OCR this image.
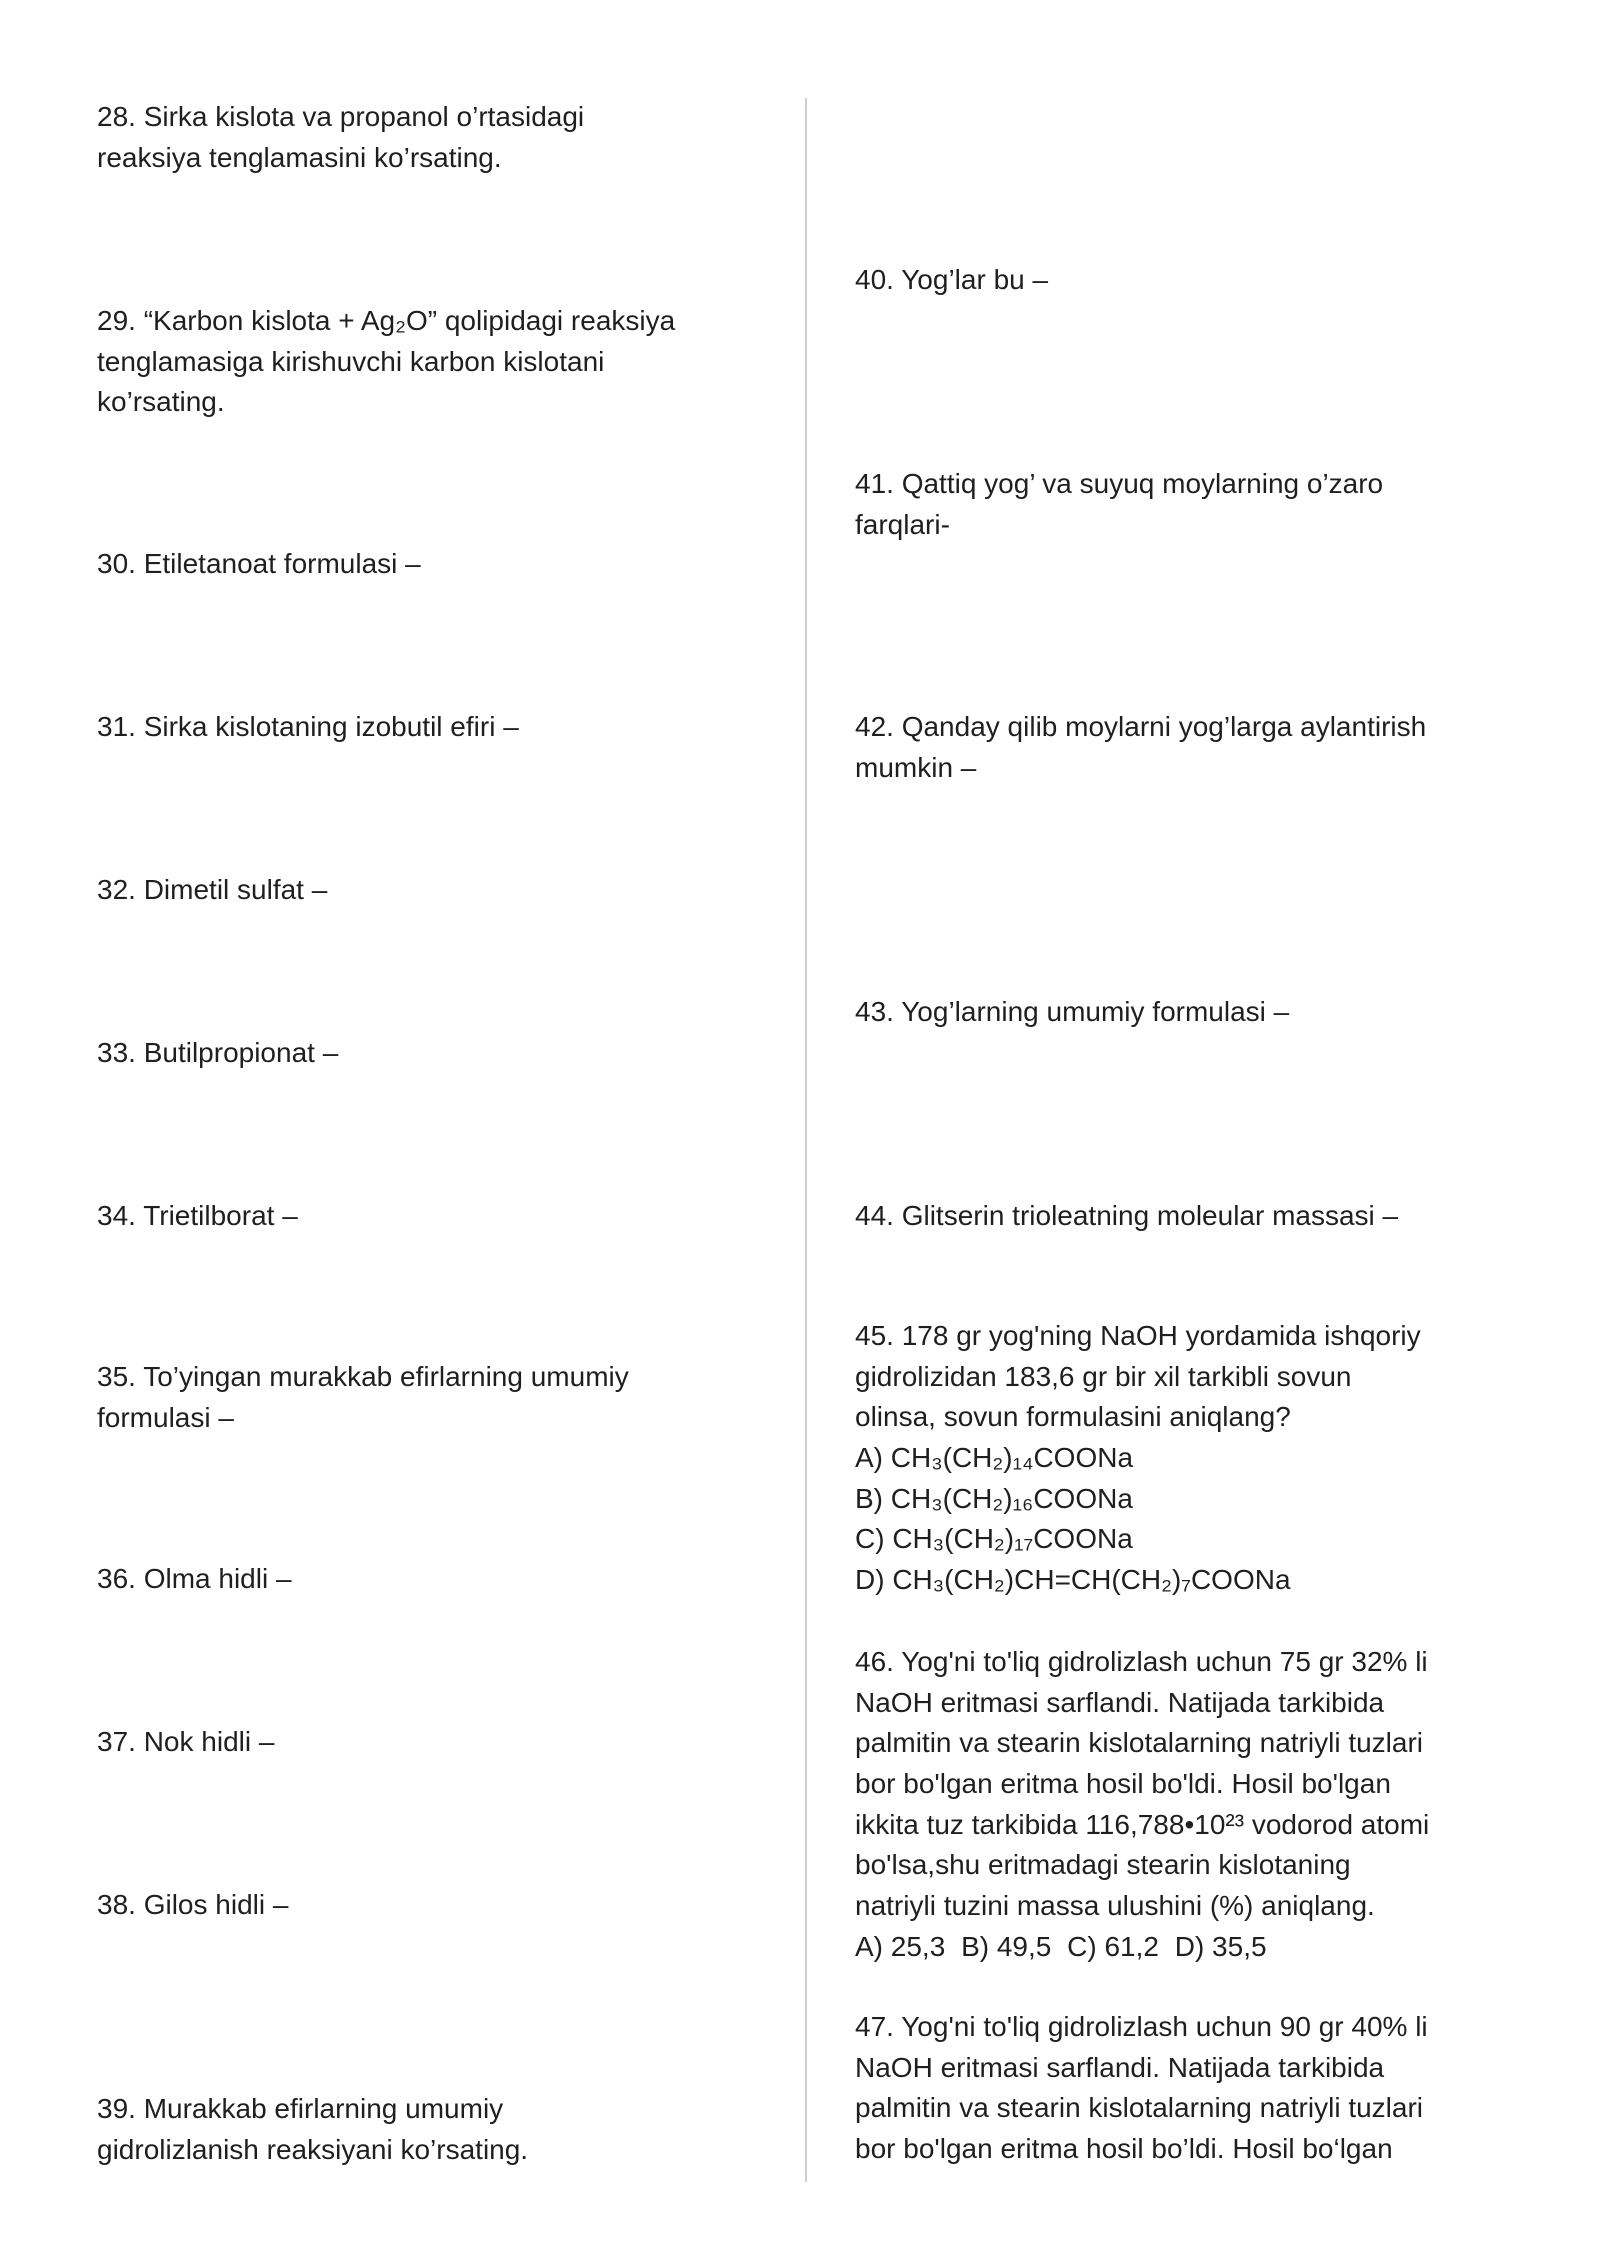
28. Sirka kislota va propanol o’rtasidagi
reaksiya tenglamasini ko’rsating.
29. “Karbon kislota + Ag₂O” qolipidagi reaksiya
tenglamasiga kirishuvchi karbon kislotani
ko’rsating.
30. Etiletanoat formulasi –
31. Sirka kislotaning izobutil efiri –
32. Dimetil sulfat –
33. Butilpropionat –
34. Trietilborat –
35. To’yingan murakkab efirlarning umumiy
formulasi –
36. Olma hidli –
37. Nok hidli –
38. Gilos hidli –
39. Murakkab efirlarning umumiy
gidrolizlanish reaksiyani ko’rsating.
40. Yog’lar bu –
41. Qattiq yog’ va suyuq moylarning o’zaro
farqlari-
42. Qanday qilib moylarni yog’larga aylantirish
mumkin –
43. Yog’larning umumiy formulasi –
44. Glitserin trioleatning moleular massasi –
45. 178 gr yog'ning NaOH yordamida ishqoriy
gidrolizidan 183,6 gr bir xil tarkibli sovun
olinsa, sovun formulasini aniqlang?
A) CH₃(CH₂)₁₄COONa
B) CH₃(CH₂)₁₆COONa
C) CH₃(CH₂)₁₇COONa
D) CH₃(CH₂)CH=CH(CH₂)₇COONa
46. Yog'ni to'liq gidrolizlash uchun 75 gr 32% li
NaOH eritmasi sarflandi. Natijada tarkibida
palmitin va stearin kislotalarning natriyli tuzlari
bor bo'lgan eritma hosil bo'ldi. Hosil bo'lgan
ikkita tuz tarkibida 116,788•10²³ vodorod atomi
bo'lsa,shu eritmadagi stearin kislotaning
natriyli tuzini massa ulushini (%) aniqlang.
A) 25,3 B) 49,5 C) 61,2 D) 35,5
47. Yog'ni to'liq gidrolizlash uchun 90 gr 40% li
NaOH eritmasi sarflandi. Natijada tarkibida
palmitin va stearin kislotalarning natriyli tuzlari
bor bo'lgan eritma hosil bo’ldi. Hosil bo‘lgan
